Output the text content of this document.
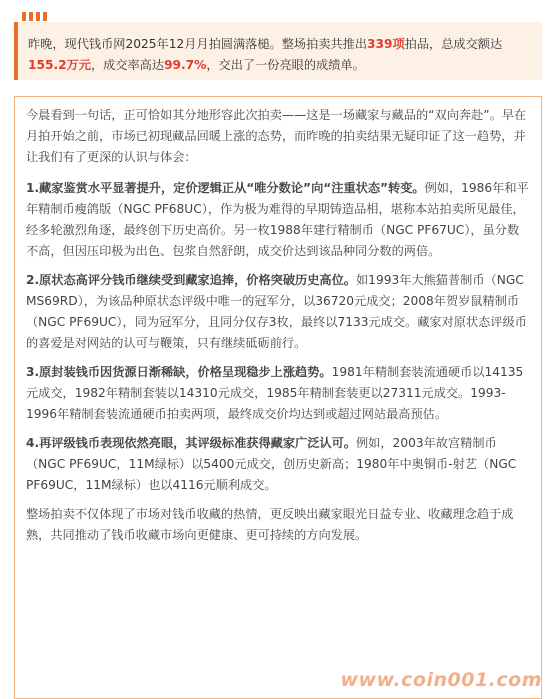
昨晚，现代钱币网2025年12月月拍圆满落槌。整场拍卖共推出339项拍品，总成交额达155.2万元，成交率高达99.7%，交出了一份亮眼的成绩单。

今晨看到一句话，正可恰如其分地形容此次拍卖——这是一场藏家与藏品的“双向奔赴”。早在月拍开始之前，市场已初现藏品回暖上涨的态势，而昨晚的拍卖结果无疑印证了这一趋势，并让我们有了更深的认识与体会：

1.藏家鉴赏水平显著提升，定价逻辑正从“唯分数论”向“注重状态”转变。例如，1986年和平年精制币瘦鸽版（NGC PF68UC），作为极为难得的早期铸造品相，堪称本站拍卖所见最佳，经多轮激烈角逐，最终创下历史高价。另一枚1988年建行精制币（NGC PF67UC），虽分数不高，但因压印极为出色、包浆自然舒朗，成交价达到该品种同分数的两倍。

2.原状态高评分钱币继续受到藏家追捧，价格突破历史高位。如1993年大熊猫普制币（NGC MS69RD），为该品种原状态评级中唯一的冠军分，以36720元成交；2008年贺岁鼠精制币（NGC PF69UC），同为冠军分，且同分仅存3枚，最终以7133元成交。藏家对原状态评级币的喜爱是对网站的认可与鞭策，只有继续砥砺前行。

3.原封装钱币因货源日渐稀缺，价格呈现稳步上涨趋势。1981年精制套装流通硬币以14135元成交，1982年精制套装以14310元成交，1985年精制套装更以27311元成交。1993-1996年精制套装流通硬币拍卖两项，最终成交价均达到或超过网站最高预估。

4.再评级钱币表现依然亮眼，其评级标准获得藏家广泛认可。例如，2003年故宫精制币（NGC PF69UC，11M绿标）以5400元成交，创历史新高；1980年中奥铜币-射艺（NGC PF69UC，11M绿标）也以4116元顺利成交。

整场拍卖不仅体现了市场对钱币收藏的热情，更反映出藏家眼光日益专业、收藏理念趋于成熟，共同推动了钱币收藏市场向更健康、更可持续的方向发展。

www.coin001.com
